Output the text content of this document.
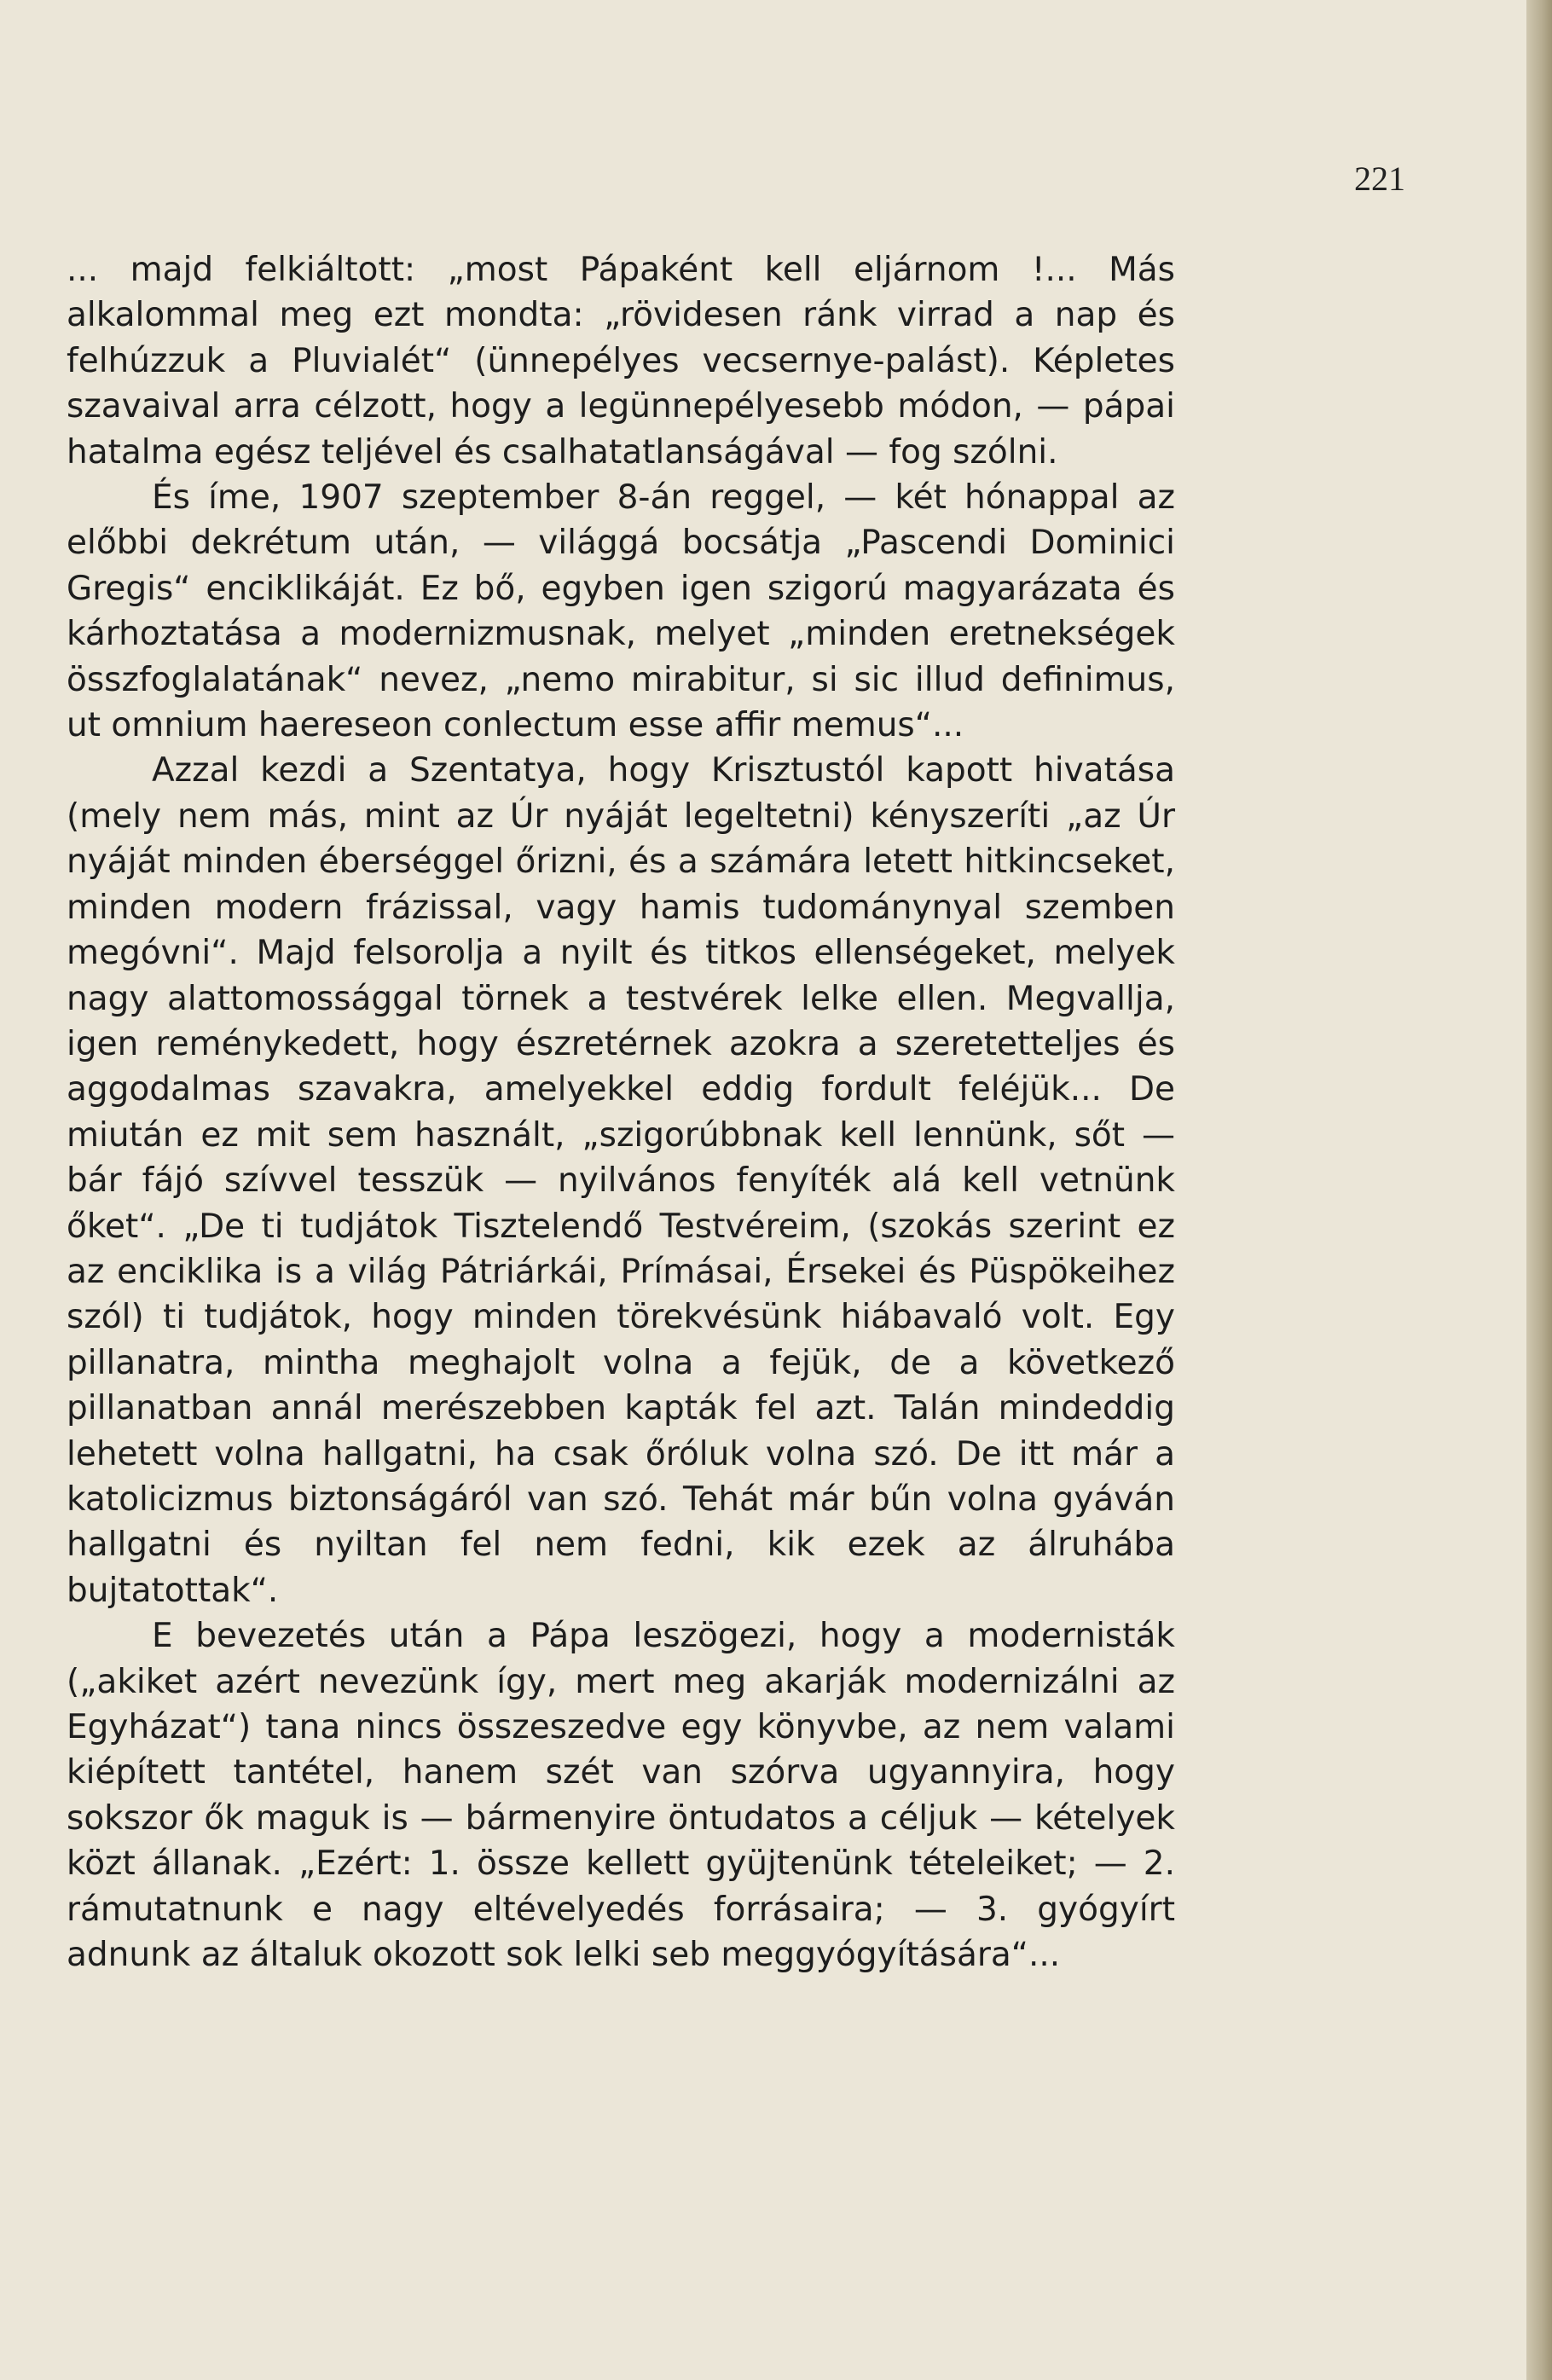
221

... majd felkiáltott: „most Pápaként kell eljárnom !... Más alkalommal meg ezt mondta: „rövidesen ránk virrad a nap és felhúzzuk a Pluvialét“ (ünnepélyes vecsernye-palást). Képletes szavaival arra célzott, hogy a legünnepélyesebb módon, — pápai hatalma egész teljével és csalhatatlanságával — fog szólni.

És íme, 1907 szeptember 8-án reggel, — két hónappal az előbbi dekrétum után, — világgá bocsátja „Pascendi Dominici Gregis“ enciklikáját. Ez bő, egyben igen szigorú magyarázata és kárhoztatása a modernizmusnak, melyet „minden eretnekségek összfoglalatának“ nevez, „nemo mirabitur, si sic illud definimus, ut omnium haereseon conlectum esse affir memus“...

Azzal kezdi a Szentatya, hogy Krisztustól kapott hivatása (mely nem más, mint az Úr nyáját legeltetni) kényszeríti „az Úr nyáját minden éberséggel őrizni, és a számára letett hitkincseket, minden modern frázissal, vagy hamis tudománynyal szemben megóvni“. Majd felsorolja a nyilt és titkos ellenségeket, melyek nagy alattomossággal törnek a testvérek lelke ellen. Megvallja, igen reménykedett, hogy észretérnek azokra a szeretetteljes és aggodalmas szavakra, amelyekkel eddig fordult feléjük... De miután ez mit sem használt, „szigorúbbnak kell lennünk, sőt — bár fájó szívvel tesszük — nyilvános fenyíték alá kell vetnünk őket“. „De ti tudjátok Tisztelendő Testvéreim, (szokás szerint ez az enciklika is a világ Pátriárkái, Prímásai, Érsekei és Püspökeihez szól) ti tudjátok, hogy minden törekvésünk hiábavaló volt. Egy pillanatra, mintha meghajolt volna a fejük, de a következő pillanatban annál merészebben kapták fel azt. Talán mindeddig lehetett volna hallgatni, ha csak őróluk volna szó. De itt már a katolicizmus biztonságáról van szó. Tehát már bűn volna gyáván hallgatni és nyiltan fel nem fedni, kik ezek az álruhába bujtatottak“.

E bevezetés után a Pápa leszögezi, hogy a modernisták („akiket azért nevezünk így, mert meg akarják modernizálni az Egyházat“) tana nincs összeszedve egy könyvbe, az nem valami kiépített tantétel, hanem szét van szórva ugyannyira, hogy sokszor ők maguk is — bármenyire öntudatos a céljuk — kételyek közt állanak. „Ezért: 1. össze kellett gyüjtenünk tételeiket; — 2. rámutatnunk e nagy eltévelyedés forrásaira; — 3. gyógyírt adnunk az általuk okozott sok lelki seb meggyógyítására“...
